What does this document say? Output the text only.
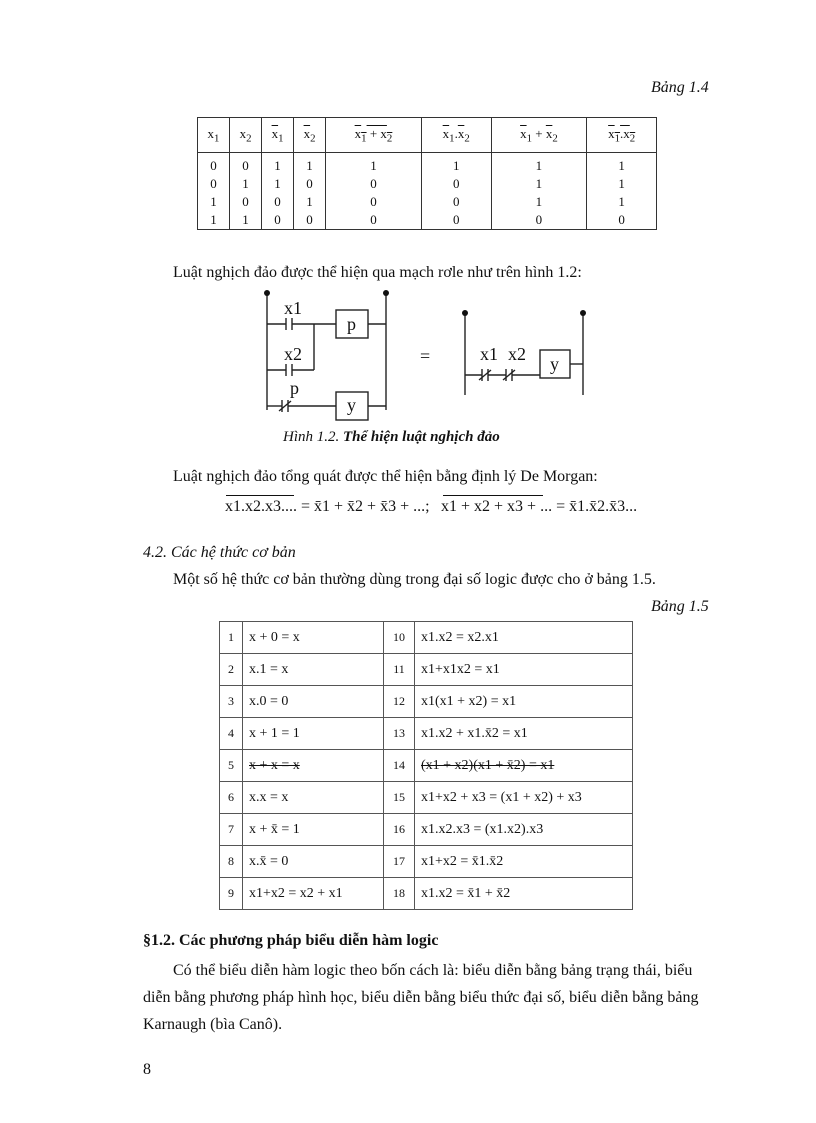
Bảng 1.4
$x_1$	$x_2$	$\overline{x}_1$	$\overline{x}_2$	$x_1 + x_2$	$\overline{x}_1.\overline{x}_2$	$\overline{x}_1 + \overline{x}_2$	$x_1.x_2$
0	0	1	1	1	1	1	1
0	1	1	0	0	0	1	1
1	0	0	1	0	0	1	1
1	1	0	0	0	0	0	0
Luật nghịch đảo được thể hiện qua mạch rơle như trên hình 1.2:
x1
x2
p
p
y
=	x1 x2 y
Hình 1.2. Thể hiện luật nghịch đảo
Luật nghịch đảo tổng quát được thể hiện bằng định lý De Morgan:
x1.x2.x3.... = x̄1 + x̄2 + x̄3 + ...; x1 + x2 + x3 + ... = x̄1.x̄2.x̄3...
4.2. Các hệ thức cơ bản
Một số hệ thức cơ bản thường dùng trong đại số logic được cho ở bảng 1.5.
Bảng 1.5
1	x + 0 = x	10	x1.x2 = x2.x1
2	x.1 = x	11	x1+x1x2 = x1
3	x.0 = 0	12	x1(x1 + x2) = x1
4	x + 1 = 1	13	x1.x2 + x1.x̄2 = x1
5	x + x = x	14	(x1 + x2)(x1 + x̄2) = x1
6	x.x = x	15	x1+x2 + x3 = (x1 + x2) + x3
7	x + x̄ = 1	16	x1.x2.x3 = (x1.x2).x3
8	x.x̄ = 0	17	x1+x2 = x̄1.x̄2
9	x1+x2 = x2 + x1	18	x1.x2 = x̄1 + x̄2
§1.2. Các phương pháp biểu diễn hàm logic
Có thể biểu diễn hàm logic theo bốn cách là: biểu diễn bằng bảng trạng thái, biểu
diễn bằng phương pháp hình học, biểu diễn bằng biểu thức đại số, biểu diễn bằng bảng
Karnaugh (bìa Canô).
8
